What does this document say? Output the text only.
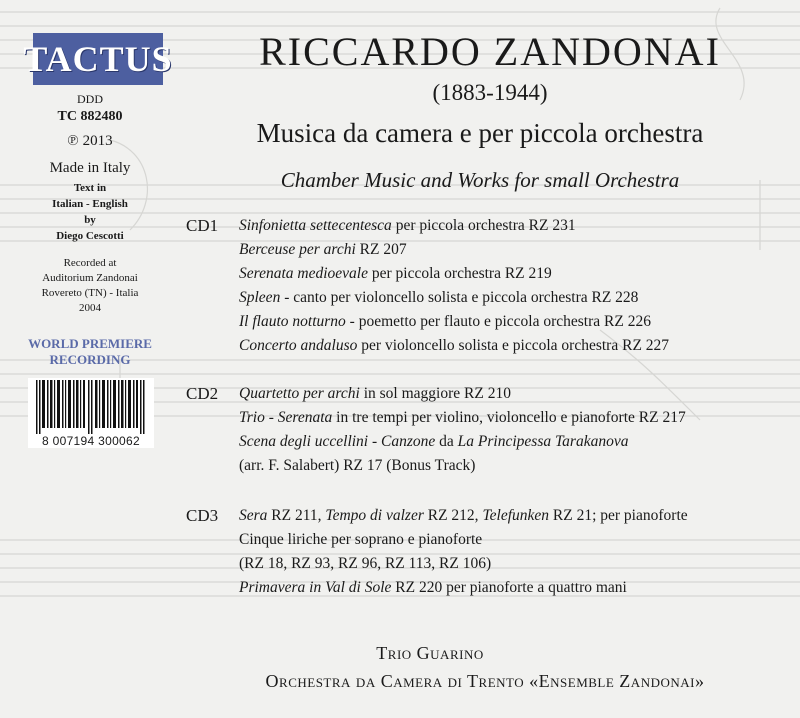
TACTUS
DDD
TC 882480
℗ 2013
Made in Italy
Text in
Italian - English
by
Diego Cescotti
Recorded at
Auditorium Zandonai
Rovereto (TN) - Italia
2004
WORLD PREMIERE
RECORDING
8 007194 300062
RICCARDO ZANDONAI
(1883-1944)
Musica da camera e per piccola orchestra
Chamber Music and Works for small Orchestra
CD1 Sinfonietta settecentesca per piccola orchestra RZ 231
Berceuse per archi RZ 207
Serenata medioevale per piccola orchestra RZ 219
Spleen - canto per violoncello solista e piccola orchestra RZ 228
Il flauto notturno - poemetto per flauto e piccola orchestra RZ 226
Concerto andaluso per violoncello solista e piccola orchestra RZ 227
CD2 Quartetto per archi in sol maggiore RZ 210
Trio - Serenata in tre tempi per violino, violoncello e pianoforte RZ 217
Scena degli uccellini - Canzone da La Principessa Tarakanova
(arr. F. Salabert) RZ 17 (Bonus Track)
CD3 Sera RZ 211, Tempo di valzer RZ 212, Telefunken RZ 21; per pianoforte
Cinque liriche per soprano e pianoforte
(RZ 18, RZ 93, RZ 96, RZ 113, RZ 106)
Primavera in Val di Sole RZ 220 per pianoforte a quattro mani
Trio Guarino
Orchestra da Camera di Trento «Ensemble Zandonai»
